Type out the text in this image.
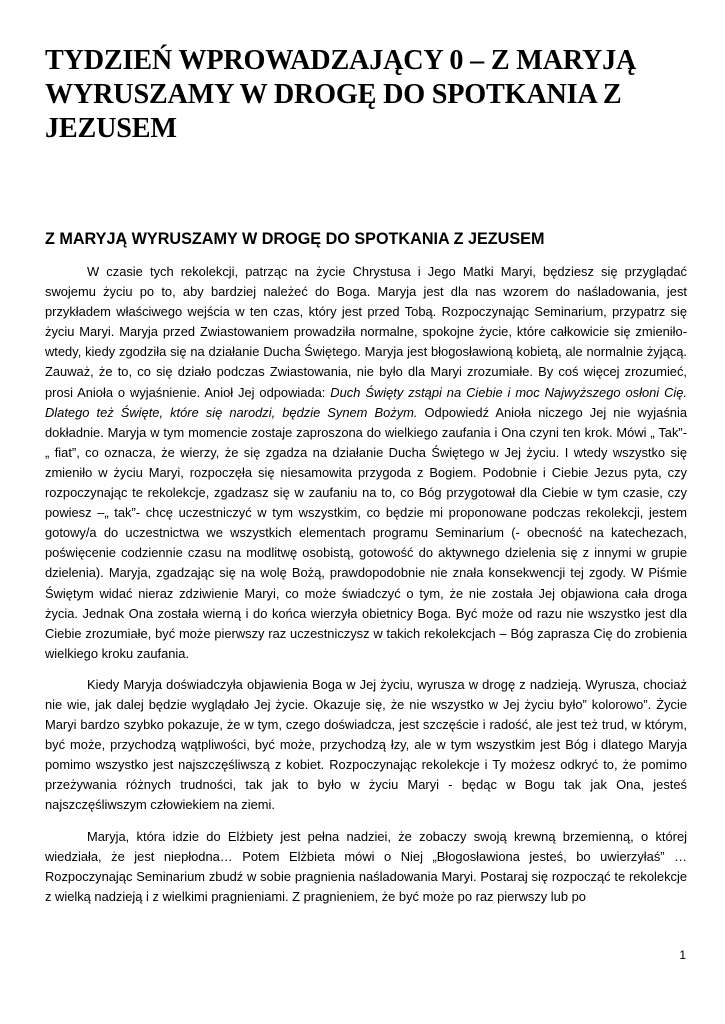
TYDZIEŃ WPROWADZAJĄCY 0 – Z MARYJĄ WYRUSZAMY W DROGĘ DO SPOTKANIA Z JEZUSEM
Z MARYJĄ WYRUSZAMY W DROGĘ DO SPOTKANIA Z JEZUSEM

W czasie tych rekolekcji, patrząc na życie Chrystusa i Jego Matki Maryi, będziesz się przyglądać swojemu życiu po to, aby bardziej należeć do Boga. Maryja jest dla nas wzorem do naśladowania, jest przykładem właściwego wejścia w ten czas, który jest przed Tobą. Rozpoczynając Seminarium, przypatrz się życiu Maryi. Maryja przed Zwiastowaniem prowadziła normalne, spokojne życie, które całkowicie się zmieniło- wtedy, kiedy zgodziła się na działanie Ducha Świętego. Maryja jest błogosławioną kobietą, ale normalnie żyjącą. Zauważ, że to, co się działo podczas Zwiastowania, nie było dla Maryi zrozumiałe. By coś więcej zrozumieć, prosi Anioła o wyjaśnienie. Anioł Jej odpowiada: Duch Święty zstąpi na Ciebie i moc Najwyższego osłoni Cię. Dlatego też Święte, które się narodzi, będzie Synem Bożym. Odpowiedź Anioła niczego Jej nie wyjaśnia dokładnie. Maryja w tym momencie zostaje zaproszona do wielkiego zaufania i Ona czyni ten krok. Mówi „ Tak”- „ fiat”, co oznacza, że wierzy, że się zgadza na działanie Ducha Świętego w Jej życiu. I wtedy wszystko się zmieniło w życiu Maryi, rozpoczęła się niesamowita przygoda z Bogiem. Podobnie i Ciebie Jezus pyta, czy rozpoczynając te rekolekcje, zgadzasz się w zaufaniu na to, co Bóg przygotował dla Ciebie w tym czasie, czy powiesz –„ tak”- chcę uczestniczyć w tym wszystkim, co będzie mi proponowane podczas rekolekcji, jestem gotowy/a do uczestnictwa we wszystkich elementach programu Seminarium (- obecność na katechezach, poświęcenie codziennie czasu na modlitwę osobistą, gotowość do aktywnego dzielenia się z innymi w grupie dzielenia). Maryja, zgadzając się na wolę Bożą, prawdopodobnie nie znała konsekwencji tej zgody. W Piśmie Świętym widać nieraz zdziwienie Maryi, co może świadczyć o tym, że nie została Jej objawiona cała droga życia. Jednak Ona została wierną i do końca wierzyła obietnicy Boga. Być może od razu nie wszystko jest dla Ciebie zrozumiałe, być może pierwszy raz uczestniczysz w takich rekolekcjach – Bóg zaprasza Cię do zrobienia wielkiego kroku zaufania.

Kiedy Maryja doświadczyła objawienia Boga w Jej życiu, wyrusza w drogę z nadzieją. Wyrusza, chociaż nie wie, jak dalej będzie wyglądało Jej życie. Okazuje się, że nie wszystko w Jej życiu było” kolorowo”. Życie Maryi bardzo szybko pokazuje, że w tym, czego doświadcza, jest szczęście i radość, ale jest też trud, w którym, być może, przychodzą wątpliwości, być może, przychodzą łzy, ale w tym wszystkim jest Bóg i dlatego Maryja pomimo wszystko jest najszczęśliwszą z kobiet. Rozpoczynając rekolekcje i Ty możesz odkryć to, że pomimo przeżywania różnych trudności, tak jak to było w życiu Maryi - będąc w Bogu tak jak Ona, jesteś najszczęśliwszym człowiekiem na ziemi.

Maryja, która idzie do Elżbiety jest pełna nadziei, że zobaczy swoją krewną brzemienną, o której wiedziała, że jest niepłodna… Potem Elżbieta mówi o Niej „Błogosławiona jesteś, bo uwierzyłaś” …Rozpoczynając Seminarium zbudź w sobie pragnienia naśladowania Maryi. Postaraj się rozpocząć te rekolekcje z wielką nadzieją i z wielkimi pragnieniami. Z pragnieniem, że być może po raz pierwszy lub po

1
